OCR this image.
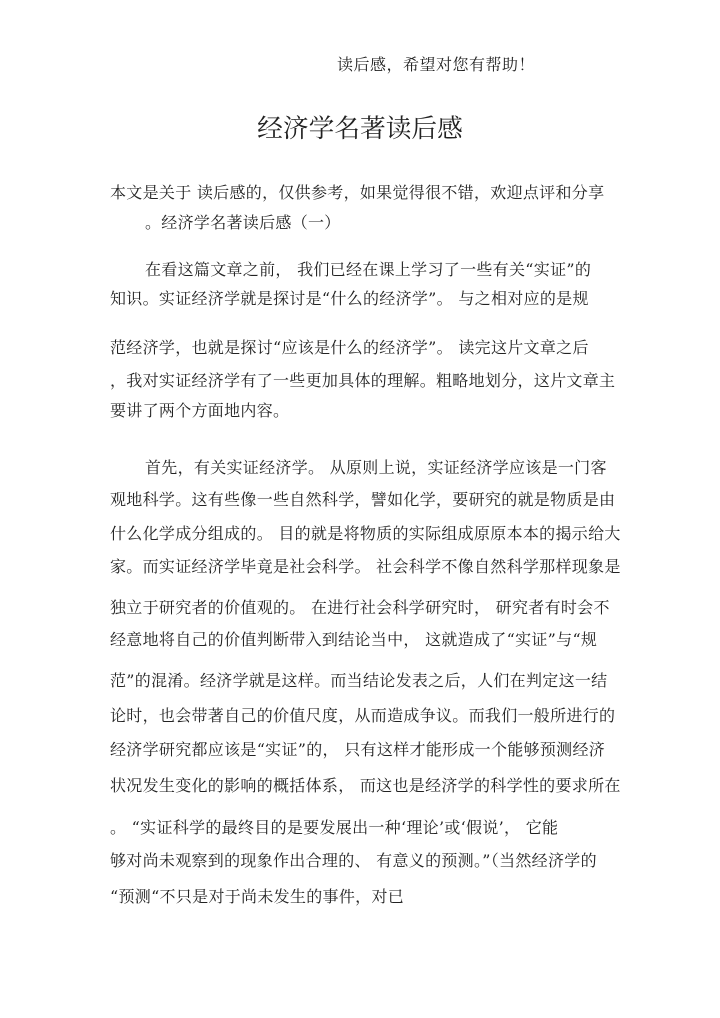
读后感，希望对您有帮助！
经济学名著读后感
本文是关于 读后感的，仅供参考，如果觉得很不错，欢迎点评和分享
。经济学名著读后感（一）
在看这篇文章之前， 我们已经在课上学习了一些有关“实证”的
知识。实证经济学就是探讨是“什么的经济学”。 与之相对应的是规
范经济学，也就是探讨“应该是什么的经济学”。 读完这片文章之后
，我对实证经济学有了一些更加具体的理解。粗略地划分，这片文章主
要讲了两个方面地内容。
首先，有关实证经济学。 从原则上说，实证经济学应该是一门客
观地科学。这有些像一些自然科学，譬如化学，要研究的就是物质是由
什么化学成分组成的。 目的就是将物质的实际组成原原本本的揭示给大
家。而实证经济学毕竟是社会科学。 社会科学不像自然科学那样现象是
独立于研究者的价值观的。 在进行社会科学研究时， 研究者有时会不
经意地将自己的价值判断带入到结论当中， 这就造成了“实证”与“规
范”的混淆。经济学就是这样。而当结论发表之后，人们在判定这一结
论时，也会带著自己的价值尺度，从而造成争议。而我们一般所进行的
经济学研究都应该是“实证”的， 只有这样才能形成一个能够预测经济
状况发生变化的影响的概括体系， 而这也是经济学的科学性的要求所在
。 “实证科学的最终目的是要发展出一种‘理论’或‘假说’， 它能
够对尚未观察到的现象作出合理的、 有意义的预测。”（当然经济学的
“预测“不只是对于尚未发生的事件，对已
